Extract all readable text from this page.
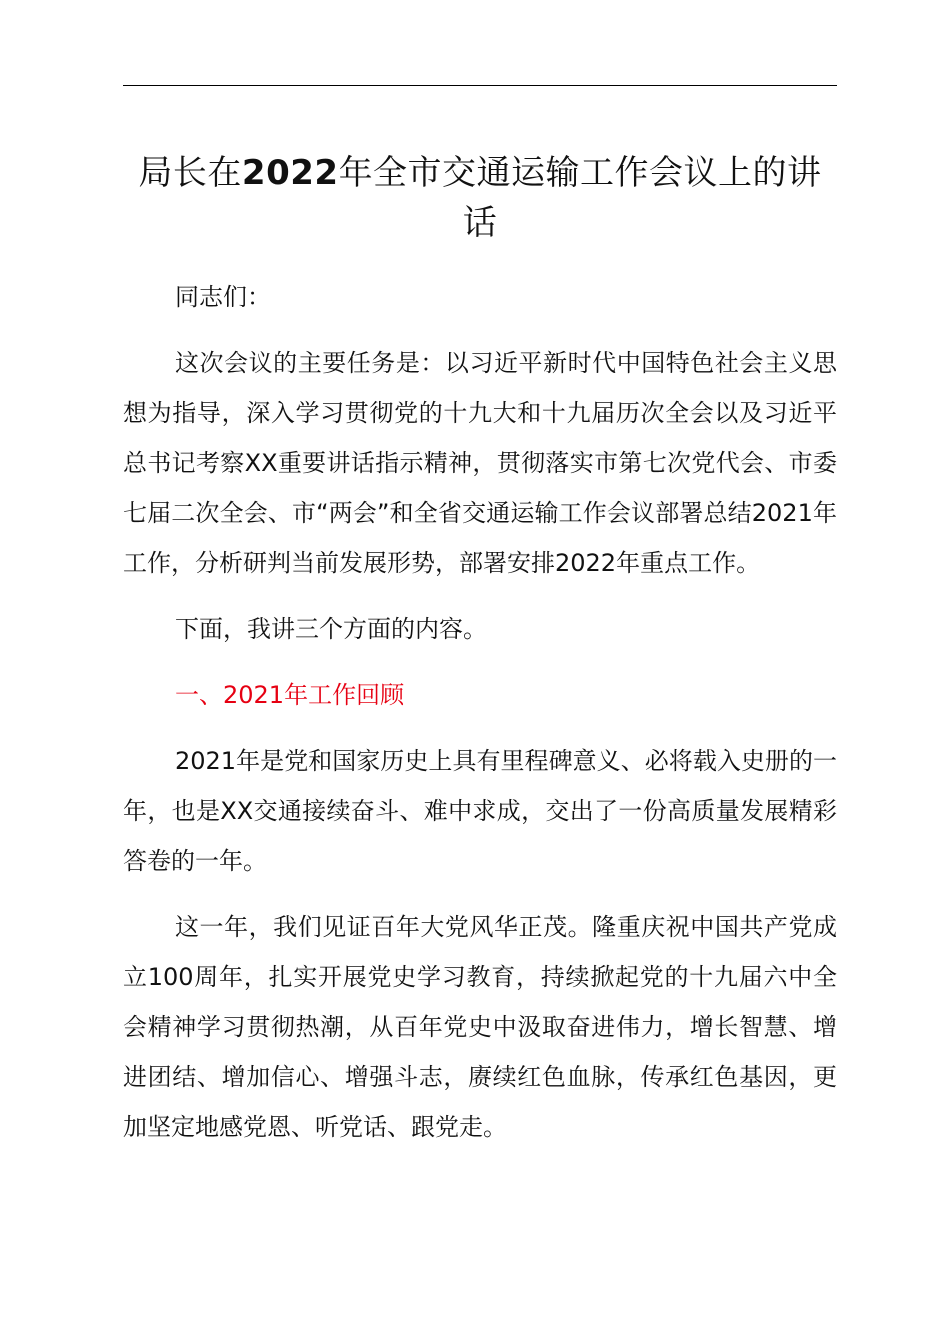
局长在2022年全市交通运输工作会议上的讲话

同志们：

这次会议的主要任务是：以习近平新时代中国特色社会主义思想为指导，深入学习贯彻党的十九大和十九届历次全会以及习近平总书记考察XX重要讲话指示精神，贯彻落实市第七次党代会、市委七届二次全会、市“两会”和全省交通运输工作会议部署总结2021年工作，分析研判当前发展形势，部署安排2022年重点工作。

下面，我讲三个方面的内容。

一、2021年工作回顾

2021年是党和国家历史上具有里程碑意义、必将载入史册的一年，也是XX交通接续奋斗、难中求成，交出了一份高质量发展精彩答卷的一年。

这一年，我们见证百年大党风华正茂。隆重庆祝中国共产党成立100周年，扎实开展党史学习教育，持续掀起党的十九届六中全会精神学习贯彻热潮，从百年党史中汲取奋进伟力，增长智慧、增进团结、增加信心、增强斗志，赓续红色血脉，传承红色基因，更加坚定地感党恩、听党话、跟党走。
